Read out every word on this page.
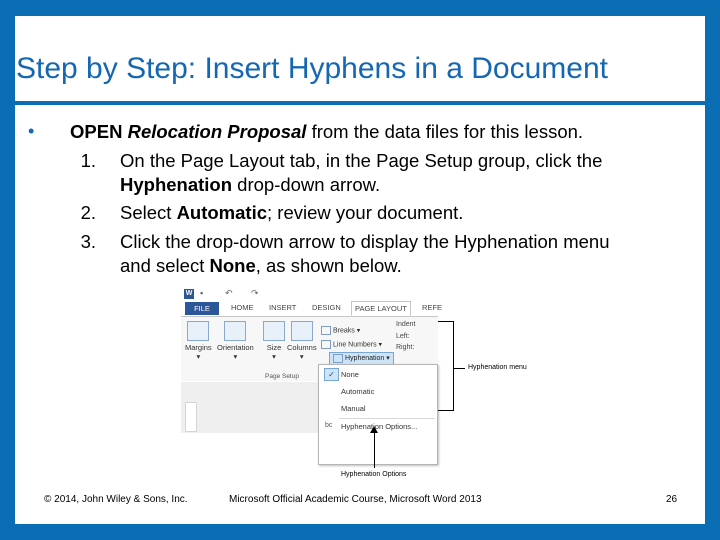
Step by Step: Insert Hyphens in a Document
• OPEN Relocation Proposal from the data files for this lesson.
1. On the Page Layout tab, in the Page Setup group, click the
Hyphenation drop-down arrow.
2. Select Automatic; review your document.
3. Click the drop-down arrow to display the Hyphenation menu
and select None, as shown below.
W ▪ ↶ ↷
FILE	HOME INSERT DESIGN	PAGE LAYOUT	REFE
Margins
▾
Orientation
▾
Size
▾
Columns
▾
Breaks ▾
Line Numbers ▾
Page Setup
Hyphenation ▾
Indent
Left:
Right:
✓ None
Automatic
Manual
bc Hyphenation Options...
Hyphenation menu
Hyphenation Options
© 2014, John Wiley & Sons, Inc.	Microsoft Official Academic Course, Microsoft Word 2013	26
